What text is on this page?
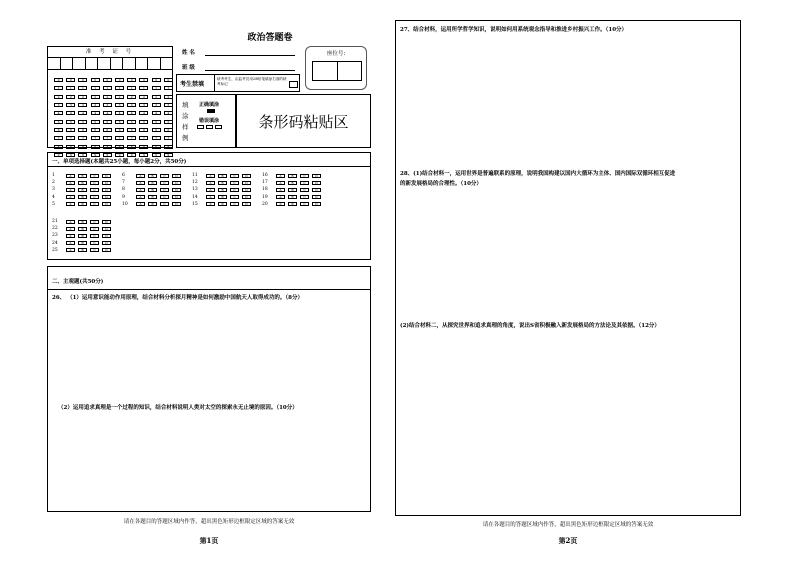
政治答题卷
准 考 证 号
0	0	0	0	0	0	0	0	0	0
1	1	1	1	1	1	1	1	1	1
2	2	2	2	2	2	2	2	2	2
3	3	3	3	3	3	3	3	3	3
4	4	4	4	4	4	4	4	4	4
5	5	5	5	5	5	5	5	5	5
6	6	6	6	6	6	6	6	6	6
7	7	7	7	7	7	7	7	7	7
8	8	8	8	8	8	8	8	8	8
9	9	9	9	9	9	9	9	9	9
姓 名
班 级
座位号:
考生禁填
缺考考生，由监考员用2B铅笔填涂右面的缺考标记
填
涂
样
例
正确填涂
错误填涂	条形码粘贴区
一、单项选择题(本题共25小题，每小题2分，共50分)
1	A	B	C	D
2	A	B	C	D
3	A	B	C	D
4	A	B	C	D
5	A	B	C	D
6	A	B	C	D
7	A	B	C	D
8	A	B	C	D
9	A	B	C	D
10	A	B	C	D
11	A	B	C	D
12	A	B	C	D
13	A	B	C	D
14	A	B	C	D
15	A	B	C	D
16	A	B	C	D
17	A	B	C	D
18	A	B	C	D
19	A	B	C	D
20	A	B	C	D
21	A	B	C	D
22	A	B	C	D
23	A	B	C	D
24	A	B	C	D
25	A	B	C	D
二、主观题(共50分)
26、 （1）运用意识能动作用原理，结合材料分析探月精神是如何激励中国航天人取得成功的。（8分）
（2）运用追求真理是一个过程的知识，结合材料说明人类对太空的探索永无止境的原因。（10分）
请在各题目的答题区域内作答，超出黑色矩形边框限定区域的答案无效
第1页
27、结合材料，运用所学哲学知识，说明如何用系统观念指导和推进乡村振兴工作。（10分）
28、(1)结合材料一，运用世界是普遍联系的原理，说明我国构建以国内大循环为主体、国内国际双循环相互促进
的新发展格局的合理性。（10分）
(2)结合材料二，从探究世界和追求真理的角度，说出S省积极融入新发展格局的方法论及其依据。（12分）
请在各题目的答题区域内作答，超出黑色矩形边框限定区域的答案无效
第2页
